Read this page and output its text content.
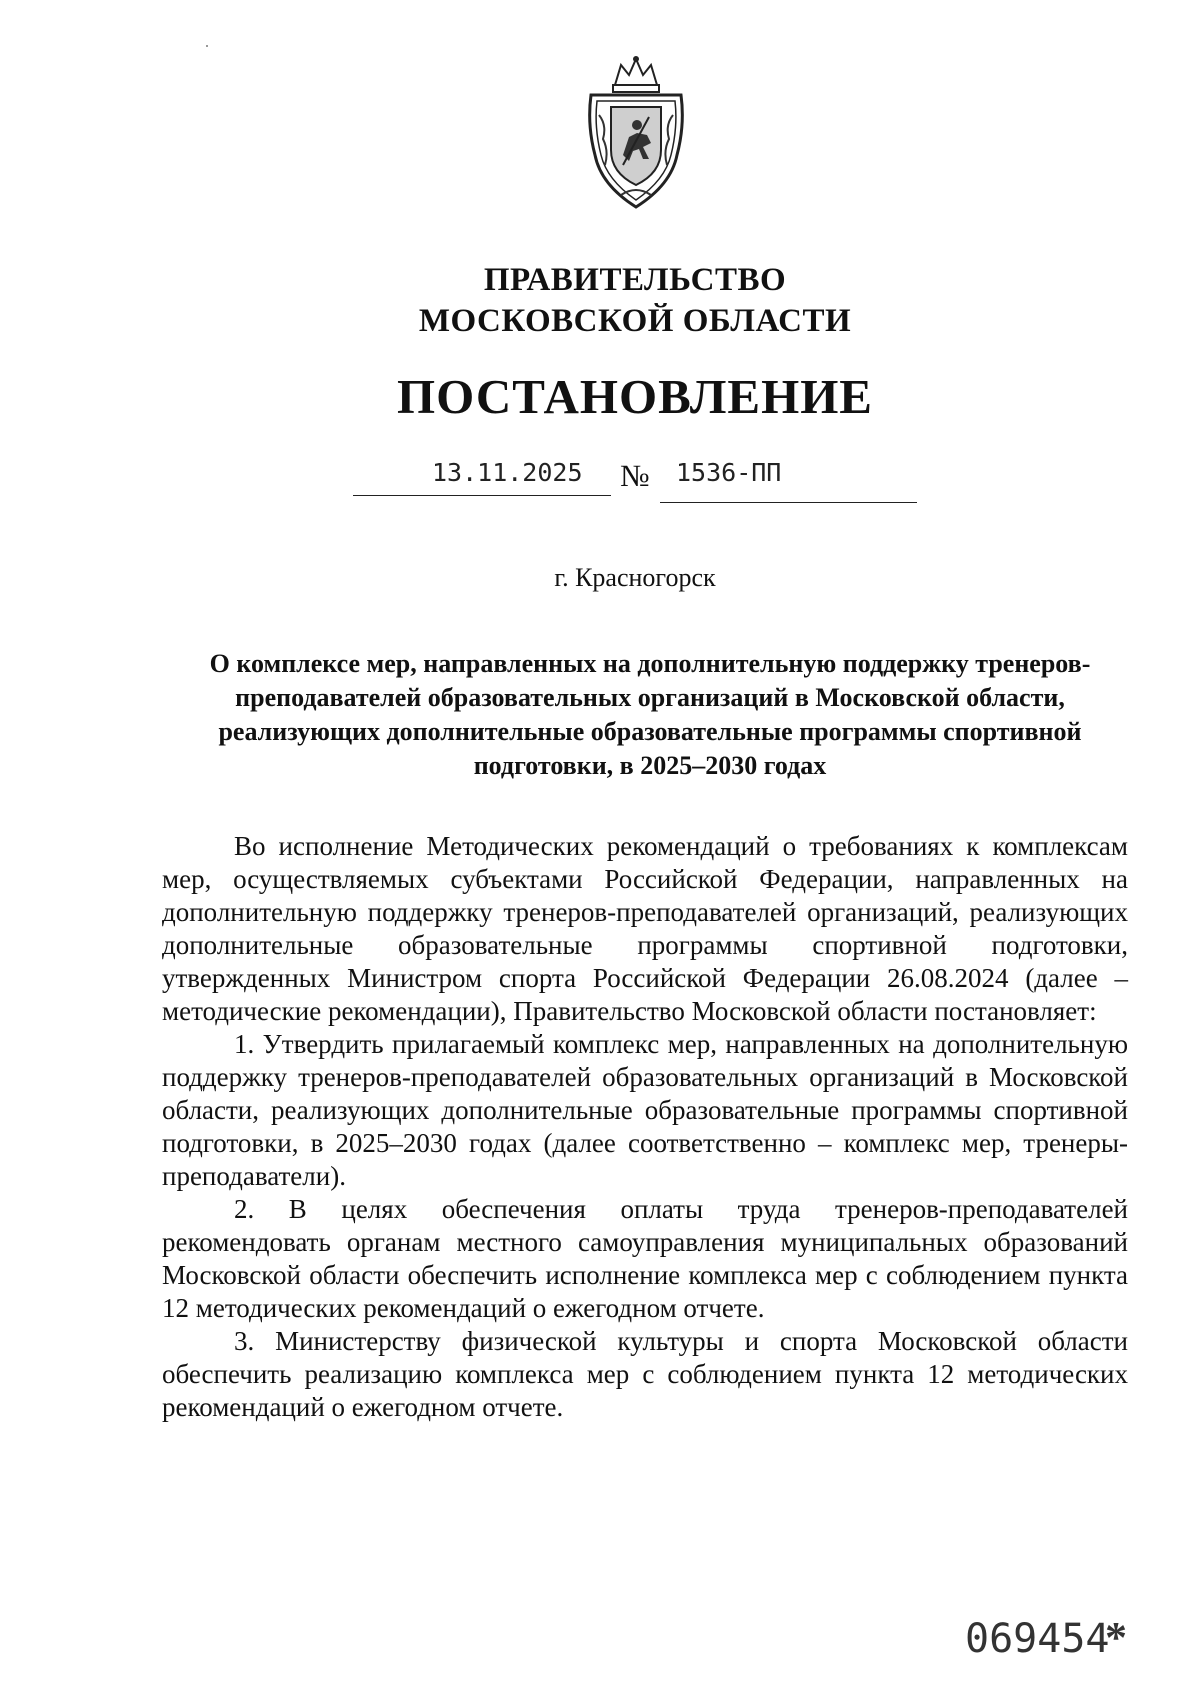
ПРАВИТЕЛЬСТВО
МОСКОВСКОЙ ОБЛАСТИ
ПОСТАНОВЛЕНИЕ
13.11.2025 № 1536-ПП
г. Красногорск
О комплексе мер, направленных на дополнительную поддержку тренеров-преподавателей образовательных организаций в Московской области, реализующих дополнительные образовательные программы спортивной подготовки, в 2025–2030 годах

Во исполнение Методических рекомендаций о требованиях к комплексам мер, осуществляемых субъектами Российской Федерации, направленных на дополнительную поддержку тренеров-преподавателей организаций, реализующих дополнительные образовательные программы спортивной подготовки, утвержденных Министром спорта Российской Федерации 26.08.2024 (далее – методические рекомендации), Правительство Московской области постановляет:

1. Утвердить прилагаемый комплекс мер, направленных на дополнительную поддержку тренеров-преподавателей образовательных организаций в Московской области, реализующих дополнительные образовательные программы спортивной подготовки, в 2025–2030 годах (далее соответственно – комплекс мер, тренеры-преподаватели).

2. В целях обеспечения оплаты труда тренеров-преподавателей рекомендовать органам местного самоуправления муниципальных образований Московской области обеспечить исполнение комплекса мер с соблюдением пункта 12 методических рекомендаций о ежегодном отчете.

3. Министерству физической культуры и спорта Московской области обеспечить реализацию комплекса мер с соблюдением пункта 12 методических рекомендаций о ежегодном отчете.

069454
*
